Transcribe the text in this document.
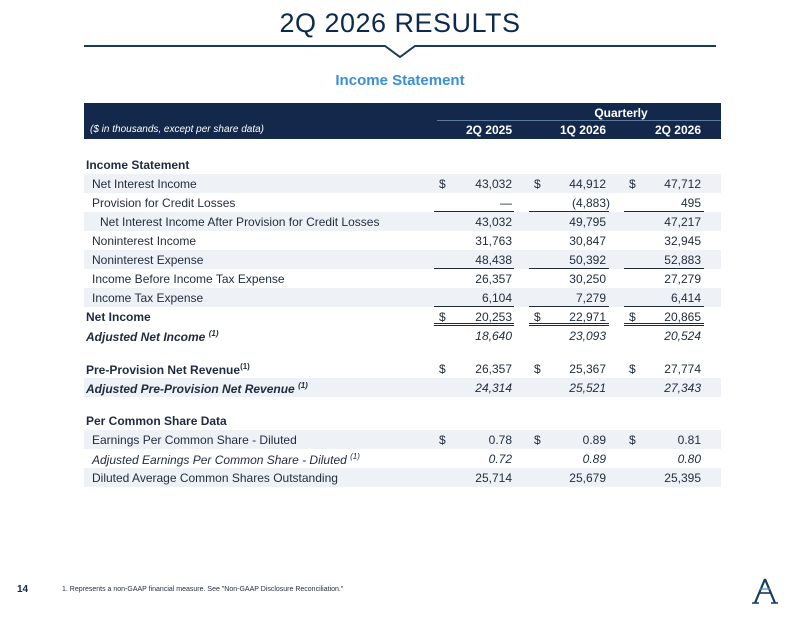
2Q 2026 RESULTS
Income Statement
Quarterly
($ in thousands, except per share data)	2Q 2025	1Q 2026	2Q 2026
Income Statement
Net Interest Income	$	43,032 $	44,912 $	47,712
Provision for Credit Losses	—	(4,883)	495
Net Interest Income After Provision for Credit Losses	43,032	49,795	47,217
Noninterest Income	31,763	30,847	32,945
Noninterest Expense	48,438	50,392	52,883
Income Before Income Tax Expense	26,357	30,250	27,279
Income Tax Expense	6,104	7,279	6,414
Net Income	$	20,253 $	22,971 $	20,865
Adjusted Net Income $^{(1)}$	18,640	23,093	20,524
Pre-Provision Net Revenue$^{(1)}$	$	26,357 $	25,367 $	27,774
Adjusted Pre-Provision Net Revenue $^{(1)}$	24,314	25,521	27,343
Per Common Share Data
Earnings Per Common Share - Diluted	$	0.78 $	0.89 $	0.81
Adjusted Earnings Per Common Share - Diluted $^{(1)}$	0.72	0.89	0.80
Diluted Average Common Shares Outstanding	25,714	25,679	25,395
14	1. Represents a non-GAAP financial measure. See "Non-GAAP Disclosure Reconciliation."
